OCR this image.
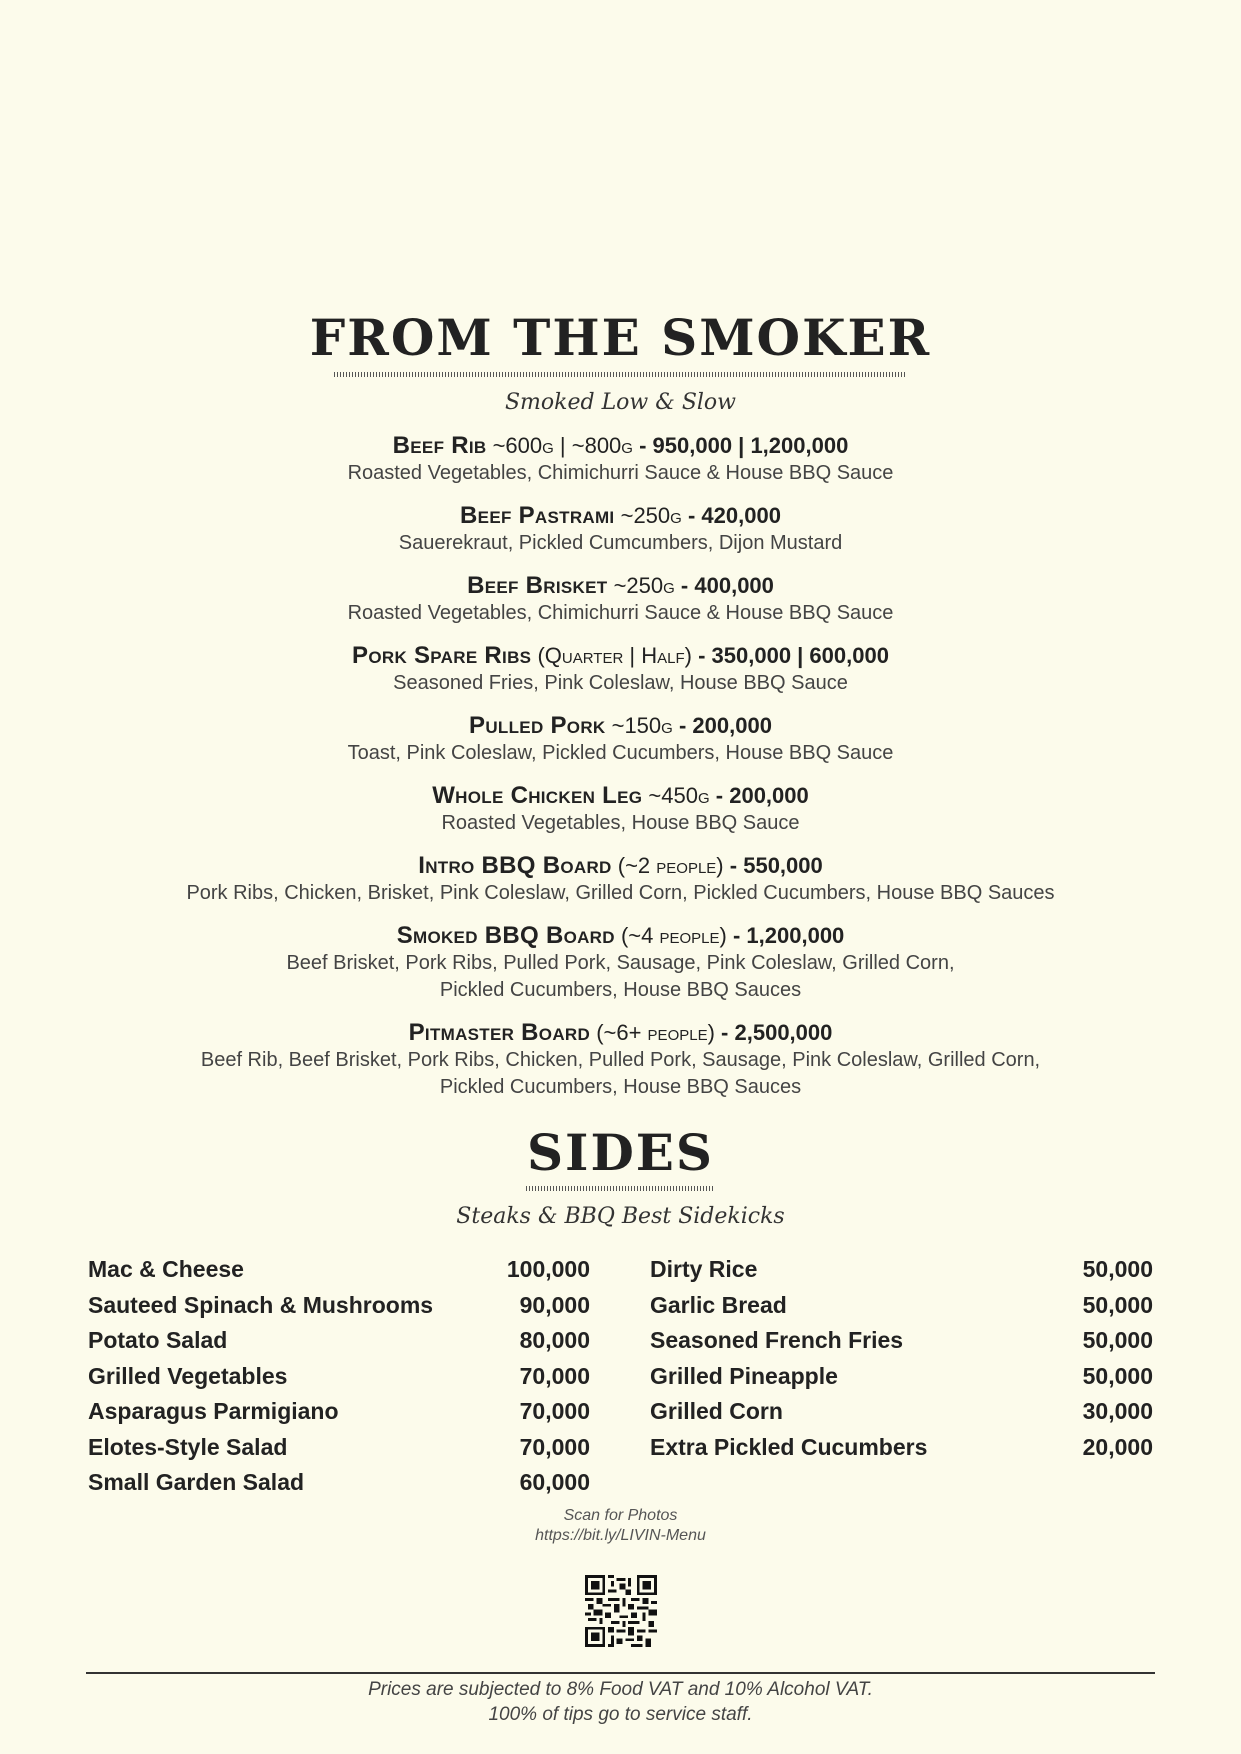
FROM THE SMOKER
Smoked Low & Slow
Beef Rib ~600g | ~800g - 950,000 | 1,200,000
Roasted Vegetables, Chimichurri Sauce & House BBQ Sauce
Beef Pastrami ~250g - 420,000
Sauerekraut, Pickled Cumcumbers, Dijon Mustard
Beef Brisket ~250g - 400,000
Roasted Vegetables, Chimichurri Sauce & House BBQ Sauce
Pork Spare Ribs (Quarter | Half) - 350,000 | 600,000
Seasoned Fries, Pink Coleslaw, House BBQ Sauce
Pulled Pork ~150g - 200,000
Toast, Pink Coleslaw, Pickled Cucumbers, House BBQ Sauce
Whole Chicken Leg ~450g - 200,000
Roasted Vegetables, House BBQ Sauce
Intro BBQ Board (~2 people) - 550,000
Pork Ribs, Chicken, Brisket, Pink Coleslaw, Grilled Corn, Pickled Cucumbers, House BBQ Sauces
Smoked BBQ Board (~4 people) - 1,200,000
Beef Brisket, Pork Ribs, Pulled Pork, Sausage, Pink Coleslaw, Grilled Corn,
Pickled Cucumbers, House BBQ Sauces
Pitmaster Board (~6+ people) - 2,500,000
Beef Rib, Beef Brisket, Pork Ribs, Chicken, Pulled Pork, Sausage, Pink Coleslaw, Grilled Corn,
Pickled Cucumbers, House BBQ Sauces
SIDES
Steaks & BBQ Best Sidekicks
Mac & Cheese	100,000
Sauteed Spinach & Mushrooms	90,000
Potato Salad	80,000
Grilled Vegetables	70,000
Asparagus Parmigiano	70,000
Elotes-Style Salad	70,000
Small Garden Salad	60,000
Dirty Rice	50,000
Garlic Bread	50,000
Seasoned French Fries	50,000
Grilled Pineapple	50,000
Grilled Corn	30,000
Extra Pickled Cucumbers	20,000
Scan for Photos
https://bit.ly/LIVIN-Menu
Prices are subjected to 8% Food VAT and 10% Alcohol VAT.
100% of tips go to service staff.
